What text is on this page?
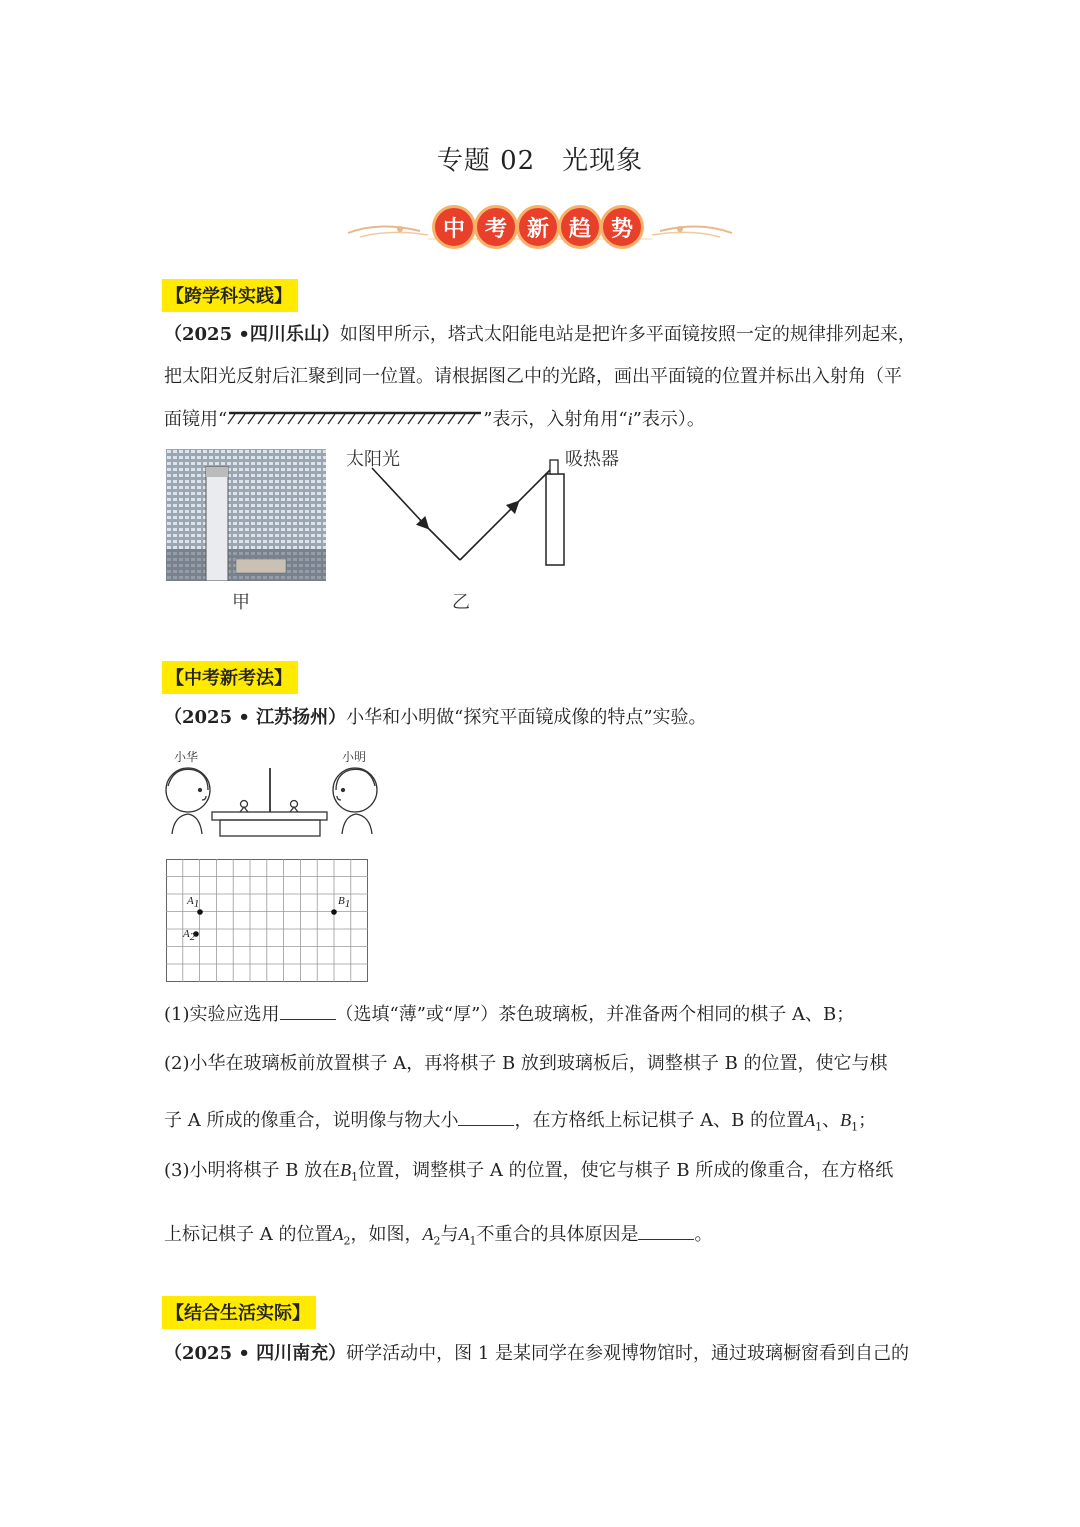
专题 02　光现象
中 考 新 趋 势
【跨学科实践】
（2025 •四川乐山）如图甲所示，塔式太阳能电站是把许多平面镜按照一定的规律排列起来，
把太阳光反射后汇聚到同一位置。请根据图乙中的光路，画出平面镜的位置并标出入射角（平
面镜用“	”表示，入射角用“i”表示）。
甲
太阳光	吸热器
乙
【中考新考法】
（2025 • 江苏扬州）小华和小明做“探究平面镜成像的特点”实验。
小华	小明
$A_1$
$A_2$
$B_1$
(1)实验应选用	（选填“薄”或“厚”）茶色玻璃板，并准备两个相同的棋子 A、B；
(2)小华在玻璃板前放置棋子 A，再将棋子 B 放到玻璃板后，调整棋子 B 的位置，使它与棋
子 A 所成的像重合，说明像与物大小	，在方格纸上标记棋子 A、B 的位置$A_1$、$B_1$；
(3)小明将棋子 B 放在$B_1$位置，调整棋子 A 的位置，使它与棋子 B 所成的像重合，在方格纸
上标记棋子 A 的位置$A_2$，如图，$A_2$与$A_1$不重合的具体原因是	。
【结合生活实际】
（2025 • 四川南充）研学活动中，图 1 是某同学在参观博物馆时，通过玻璃橱窗看到自己的
